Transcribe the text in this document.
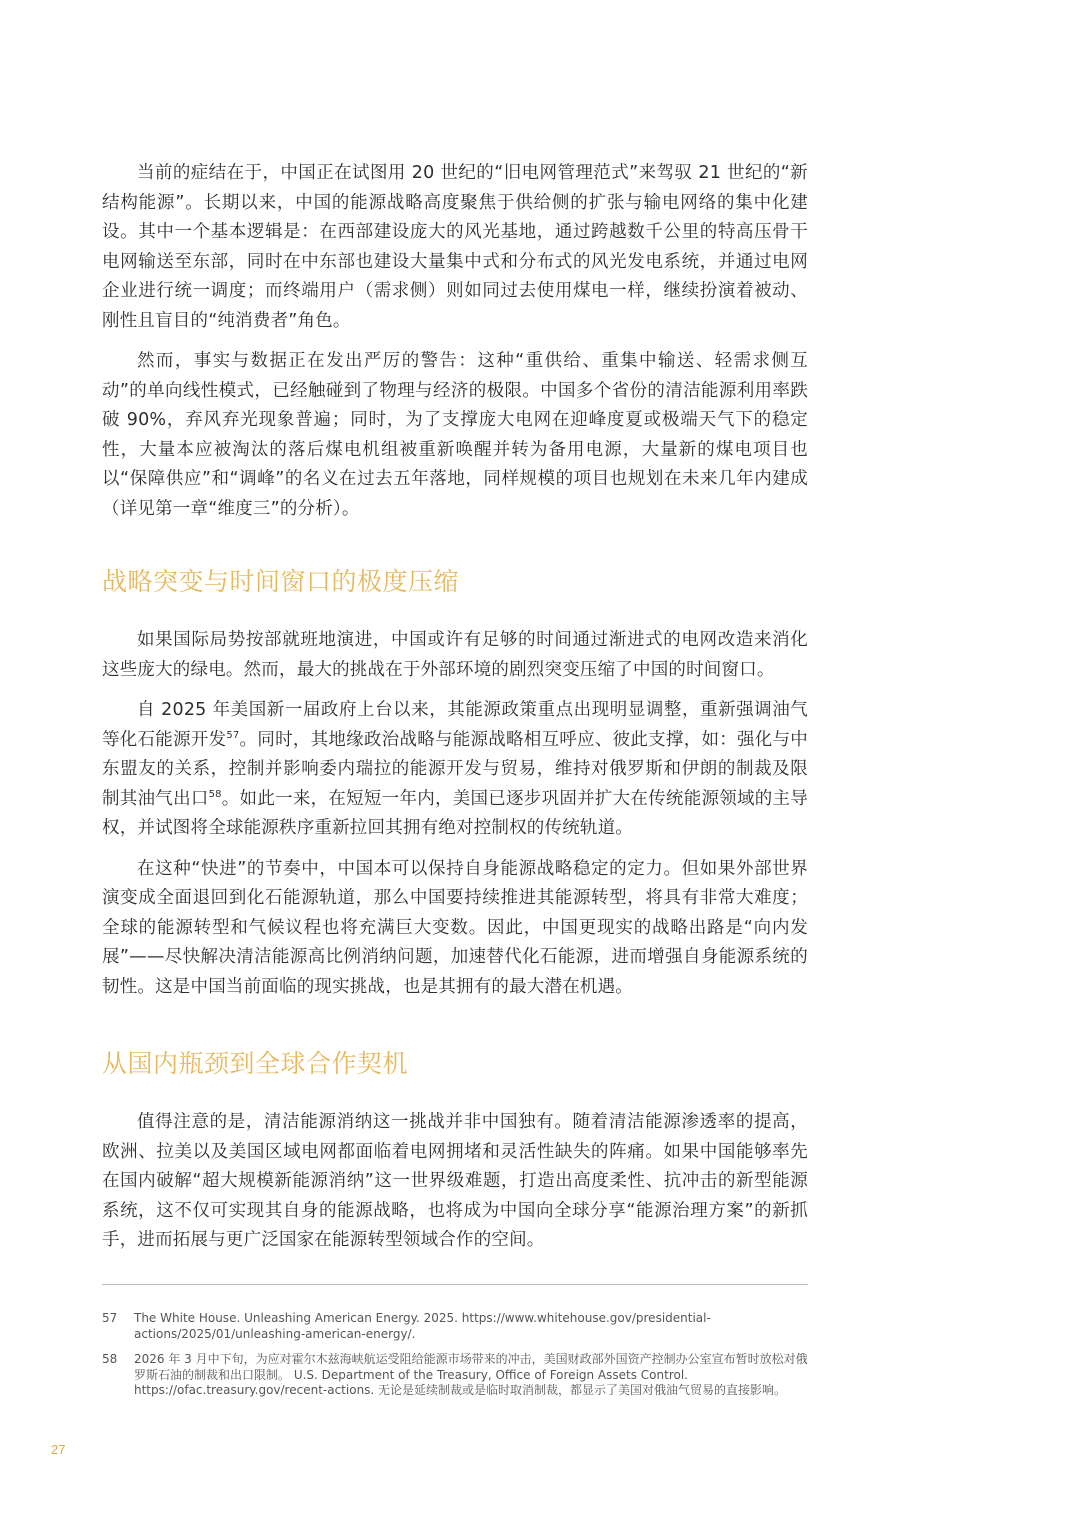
当前的症结在于，中国正在试图用 20 世纪的“旧电网管理范式”来驾驭 21 世纪的“新结构能源”。长期以来，中国的能源战略高度聚焦于供给侧的扩张与输电网络的集中化建设。其中一个基本逻辑是：在西部建设庞大的风光基地，通过跨越数千公里的特高压骨干电网输送至东部，同时在中东部也建设大量集中式和分布式的风光发电系统，并通过电网企业进行统一调度；而终端用户（需求侧）则如同过去使用煤电一样，继续扮演着被动、刚性且盲目的“纯消费者”角色。

然而，事实与数据正在发出严厉的警告：这种“重供给、重集中输送、轻需求侧互动”的单向线性模式，已经触碰到了物理与经济的极限。中国多个省份的清洁能源利用率跌破 90%，弃风弃光现象普遍；同时，为了支撑庞大电网在迎峰度夏或极端天气下的稳定性，大量本应被淘汰的落后煤电机组被重新唤醒并转为备用电源，大量新的煤电项目也以“保障供应”和“调峰”的名义在过去五年落地，同样规模的项目也规划在未来几年内建成（详见第一章“维度三”的分析）。

战略突变与时间窗口的极度压缩

如果国际局势按部就班地演进，中国或许有足够的时间通过渐进式的电网改造来消化这些庞大的绿电。然而，最大的挑战在于外部环境的剧烈突变压缩了中国的时间窗口。

自 2025 年美国新一届政府上台以来，其能源政策重点出现明显调整，重新强调油气等化石能源开发$^{57}$。同时，其地缘政治战略与能源战略相互呼应、彼此支撑，如：强化与中东盟友的关系，控制并影响委内瑞拉的能源开发与贸易，维持对俄罗斯和伊朗的制裁及限制其油气出口$^{58}$。如此一来，在短短一年内，美国已逐步巩固并扩大在传统能源领域的主导权，并试图将全球能源秩序重新拉回其拥有绝对控制权的传统轨道。

在这种“快进”的节奏中，中国本可以保持自身能源战略稳定的定力。但如果外部世界演变成全面退回到化石能源轨道，那么中国要持续推进其能源转型，将具有非常大难度；全球的能源转型和气候议程也将充满巨大变数。因此，中国更现实的战略出路是“向内发展”——尽快解决清洁能源高比例消纳问题，加速替代化石能源，进而增强自身能源系统的韧性。这是中国当前面临的现实挑战，也是其拥有的最大潜在机遇。

从国内瓶颈到全球合作契机

值得注意的是，清洁能源消纳这一挑战并非中国独有。随着清洁能源渗透率的提高，欧洲、拉美以及美国区域电网都面临着电网拥堵和灵活性缺失的阵痛。如果中国能够率先在国内破解“超大规模新能源消纳”这一世界级难题，打造出高度柔性、抗冲击的新型能源系统，这不仅可实现其自身的能源战略，也将成为中国向全球分享“能源治理方案”的新抓手，进而拓展与更广泛国家在能源转型领域合作的空间。

57	The White House. Unleashing American Energy. 2025. https://www.whitehouse.gov/presidential-actions/2025/01/unleashing-american-energy/.
58	2026 年 3 月中下旬，为应对霍尔木兹海峡航运受阻给能源市场带来的冲击，美国财政部外国资产控制办公室宣布暂时放松对俄罗斯石油的制裁和出口限制。 U.S. Department of the Treasury, Office of Foreign Assets Control. https://ofac.treasury.gov/recent-actions. 无论是延续制裁或是临时取消制裁，都显示了美国对俄油气贸易的直接影响。
27
